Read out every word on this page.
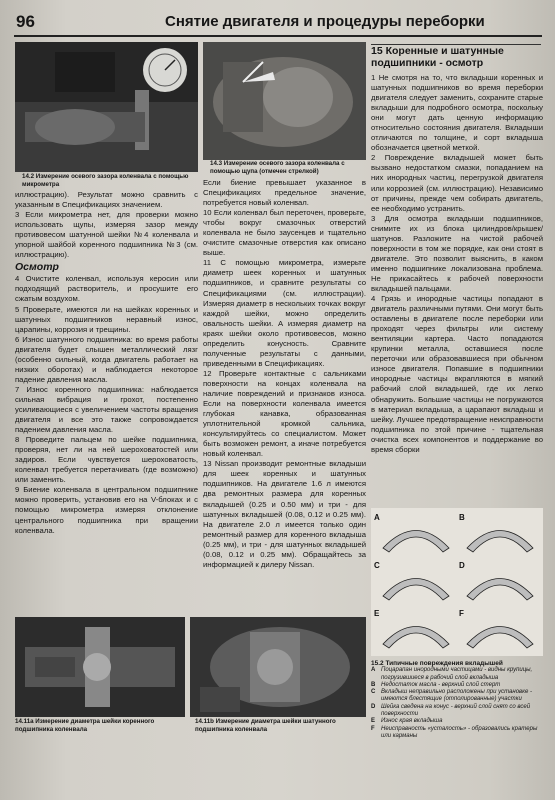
96	Снятие двигателя и процедуры переборки
14.2 Измерение осевого зазора коленвала с помощью микрометра
14.3 Измерение осевого зазора коленвала с помощью щупа (отмечен стрелкой)

иллюстрацию). Результат можно сравнить с указанным в Спецификациях значением.

3 Если микрометра нет, для проверки можно использовать щупы, измеряя зазор между противовесом шатунной шейки №4 коленвала и упорной шайбой коренного подшипника №3 (см. иллюстрацию).

Осмотр

4 Очистите коленвал, используя керосин или подходящий растворитель, и просушите его сжатым воздухом.

5 Проверьте, имеются ли на шейках коренных и шатунных подшипников неравный износ, царапины, коррозия и трещины.

6 Износ шатунного подшипника: во время работы двигателя будет слышен металлический лязг (особенно сильный, когда двигатель работает на низких оборотах) и наблюдается некоторое падение давления масла.

7 Износ коренного подшипника: наблюдается сильная вибрация и грохот, постепенно усиливающиеся с увеличением частоты вращения двигателя и все это также сопровождается падением давления масла.

8 Проведите пальцем по шейке подшипника, проверяя, нет ли на ней шероховатостей или задиров. Если чувствуется шероховатость, коленвал требуется перетачивать (где возможно) или заменить.

9 Биение коленвала в центральном подшипнике можно проверить, установив его на V-блоках и с помощью микрометра измеряя отклонение центрального подшипника при вращении коленвала.

Если биение превышает указанное в Спецификациях предельное значение, потребуется новый коленвал.

10 Если коленвал был переточен, проверьте, чтобы вокруг смазочных отверстий коленвала не было заусенцев и тщательно очистите смазочные отверстия как описано выше.

11 С помощью микрометра, измерьте диаметр шеек коренных и шатунных подшипников, и сравните результаты со Спецификациями (см. иллюстрации). Измеряя диаметр в нескольких точках вокруг каждой шейки, можно определить овальность шейки. А измеряя диаметр на краях шейки около противовесов, можно определить конусность. Сравните полученные результаты с данными, приведенными в Спецификациях.

12 Проверьте контактные с сальниками поверхности на концах коленвала на наличие повреждений и признаков износа. Если на поверхности коленвала имеется глубокая канавка, образованная уплотнительной кромкой сальника, консультируйтесь со специалистом. Может быть возможен ремонт, а иначе потребуется новый коленвал.

13 Nissan производит ремонтные вкладыши для шеек коренных и шатунных подшипников. На двигателе 1.6 л имеются два ремонтных размера для коренных вкладышей (0.25 и 0.50 мм) и три - для шатунных вкладышей (0.08, 0.12 и 0.25 мм). На двигателе 2.0 л имеется только один ремонтный размер для коренного вкладыша (0.25 мм), и три - для шатунных вкладышей (0.08, 0.12 и 0.25 мм). Обращайтесь за информацией к дилеру Nissan.

14.11а Измерение диаметра шейки коренного подшипника коленвала
14.11b Измерение диаметра шейки шатунного подшипника коленвала
15 Коренные и шатунные подшипники - осмотр

1 Не смотря на то, что вкладыши коренных и шатунных подшипников во время переборки двигателя следует заменить, сохраните старые вкладыши для подробного осмотра, поскольку они могут дать ценную информацию относительно состояния двигателя. Вкладыши отличаются по толщине, и сорт вкладыша обозначается цветной меткой.

2 Повреждение вкладышей может быть вызвано недостатком смазки, попаданием на них инородных частиц, перегрузкой двигателя или коррозией (см. иллюстрацию). Независимо от причины, прежде чем собирать двигатель, ее необходимо устранить.

3 Для осмотра вкладыши подшипников, снимите их из блока цилиндров/крышек/шатунов. Разложите на чистой рабочей поверхности в том же порядке, как они стоят в двигателе. Это позволит выяснить, в каком именно подшипнике локализована проблема. Не прикасайтесь к рабочей поверхности вкладышей пальцами.

4 Грязь и инородные частицы попадают в двигатель различными путями. Они могут быть оставлены в двигателе после переборки или проходят через фильтры или систему вентиляции картера. Часто попадаются крупинки металла, оставшиеся после переточки или образовавшиеся при обычном износе двигателя. Попавшие в подшипники инородные частицы вкрапляются в мягкий рабочий слой вкладышей, где их легко обнаружить. Большие частицы не погружаются в материал вкладыша, а царапают вкладыш и шейку. Лучшее предотвращение неисправности подшипника по этой причине - тщательная очистка всех компонентов и поддержание во время сборки

A	B
C	D
E	F
15.2 Типичные повреждения вкладышей
A Поцарапан инородными частицами - видны крупицы, погрузившиеся в рабочий слой вкладыша
B Недостаток масла - верхний слой стерт
C Вкладыш неправильно расположены при установке - имеются блестящие (отполированные) участки
D Шейка сведена на конус - верхний слой снят со всей поверхности
E Износ края вкладыша
F	Неисправность «усталость» - образовались кратеры или карманы
